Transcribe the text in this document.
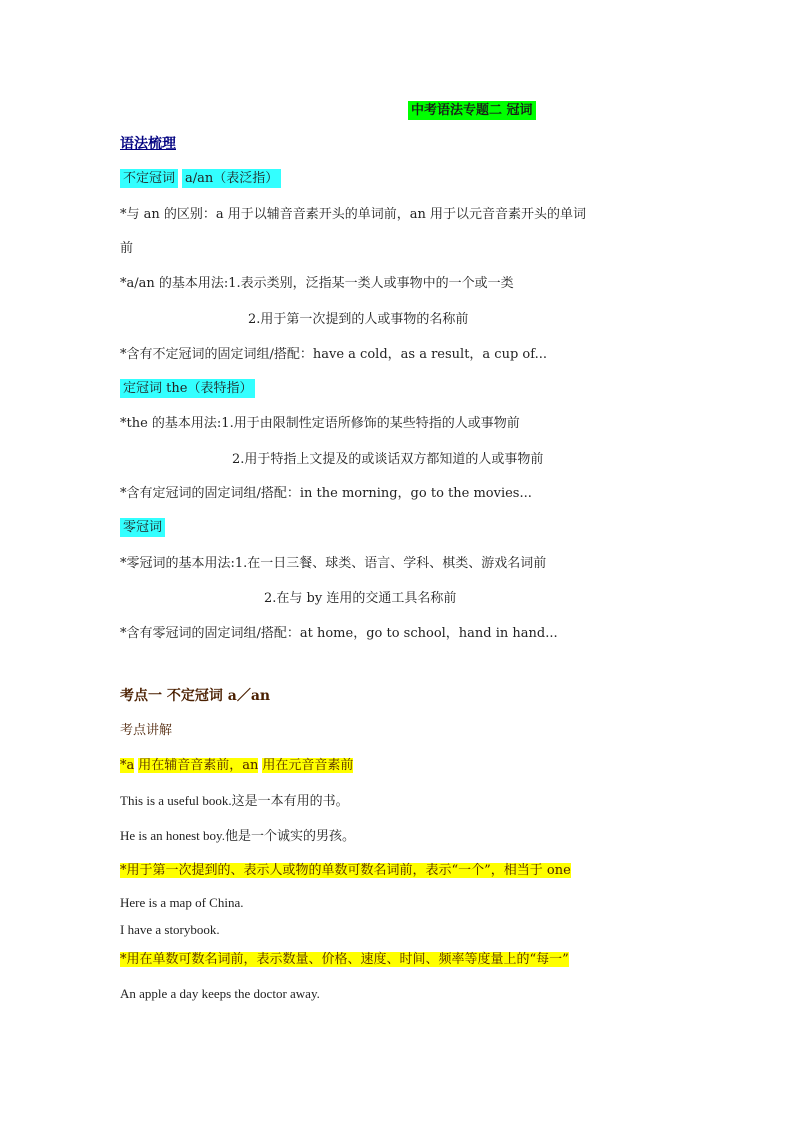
中考语法专题二 冠词
语法梳理
不定冠词 a/an（表泛指）
*与 an 的区别：a 用于以辅音音素开头的单词前，an 用于以元音音素开头的单词
前
*a/an 的基本用法:1.表示类别，泛指某一类人或事物中的一个或一类
2.用于第一次提到的人或事物的名称前
*含有不定冠词的固定词组/搭配：have a cold，as a result，a cup of...
定冠词 the（表特指）
*the 的基本用法:1.用于由限制性定语所修饰的某些特指的人或事物前
2.用于特指上文提及的或谈话双方都知道的人或事物前
*含有定冠词的固定词组/搭配：in the morning，go to the movies...
零冠词
*零冠词的基本用法:1.在一日三餐、球类、语言、学科、棋类、游戏名词前
2.在与 by 连用的交通工具名称前
*含有零冠词的固定词组/搭配：at home，go to school，hand in hand...
考点一 不定冠词 a／an
考点讲解
*a 用在辅音音素前，an 用在元音音素前
This is a useful book.这是一本有用的书。
He is an honest boy.他是一个诚实的男孩。
*用于第一次提到的、表示人或物的单数可数名词前，表示“一个”，相当于 one
Here is a map of China.
I have a storybook.
*用在单数可数名词前，表示数量、价格、速度、时间、频率等度量上的“每一”
An apple a day keeps the doctor away.
